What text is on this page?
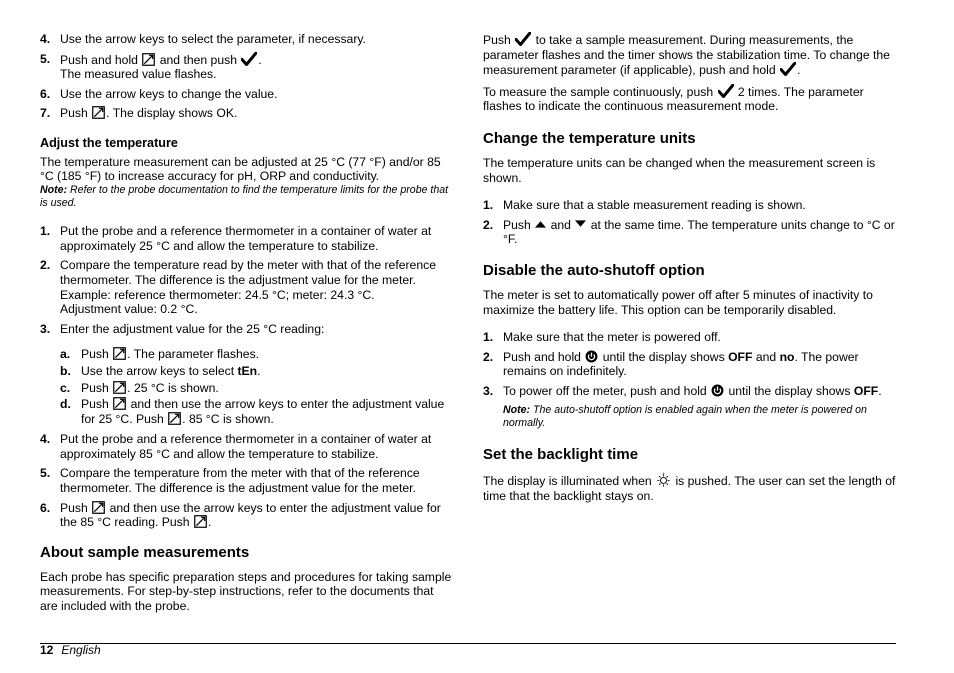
4. Use the arrow keys to select the parameter, if necessary.
5. Push and hold and then push .
The measured value flashes.
6. Use the arrow keys to change the value.
7. Push . The display shows OK.
Adjust the temperature

The temperature measurement can be adjusted at 25 °C (77 °F) and/or 85 °C (185 °F) to increase accuracy for pH, ORP and conductivity.

Note: Refer to the probe documentation to find the temperature limits for the probe that is used.
1. Put the probe and a reference thermometer in a container of water at approximately 25 °C and allow the temperature to stabilize.
2. Compare the temperature read by the meter with that of the reference thermometer. The difference is the adjustment value for the meter.
Example: reference thermometer: 24.5 °C; meter: 24.3 °C.
Adjustment value: 0.2 °C.
3. Enter the adjustment value for the 25 °C reading:
a. Push . The parameter flashes.
b. Use the arrow keys to select tEn.
c. Push . 25 °C is shown.
d. Push and then use the arrow keys to enter the adjustment value for 25 °C. Push . 85 °C is shown.
4. Put the probe and a reference thermometer in a container of water at approximately 85 °C and allow the temperature to stabilize.
5. Compare the temperature from the meter with that of the reference thermometer. The difference is the adjustment value for the meter.
6. Push and then use the arrow keys to enter the adjustment value for the 85 °C reading. Push .
About sample measurements

Each probe has specific preparation steps and procedures for taking sample measurements. For step-by-step instructions, refer to the documents that are included with the probe.

Push to take a sample measurement. During measurements, the parameter flashes and the timer shows the stabilization time. To change the measurement parameter (if applicable), push and hold .

To measure the sample continuously, push 2 times. The parameter flashes to indicate the continuous measurement mode.

Change the temperature units

The temperature units can be changed when the measurement screen is shown.

1. Make sure that a stable measurement reading is shown.
2. Push and at the same time. The temperature units change to °C or °F.
Disable the auto-shutoff option

The meter is set to automatically power off after 5 minutes of inactivity to maximize the battery life. This option can be temporarily disabled.

1. Make sure that the meter is powered off.
2. Push and hold until the display shows OFF and no. The power remains on indefinitely.
3. To power off the meter, push and hold until the display shows OFF.
Note: The auto-shutoff option is enabled again when the meter is powered on normally.
Set the backlight time

The display is illuminated when is pushed. The user can set the length of time that the backlight stays on.

12 English
